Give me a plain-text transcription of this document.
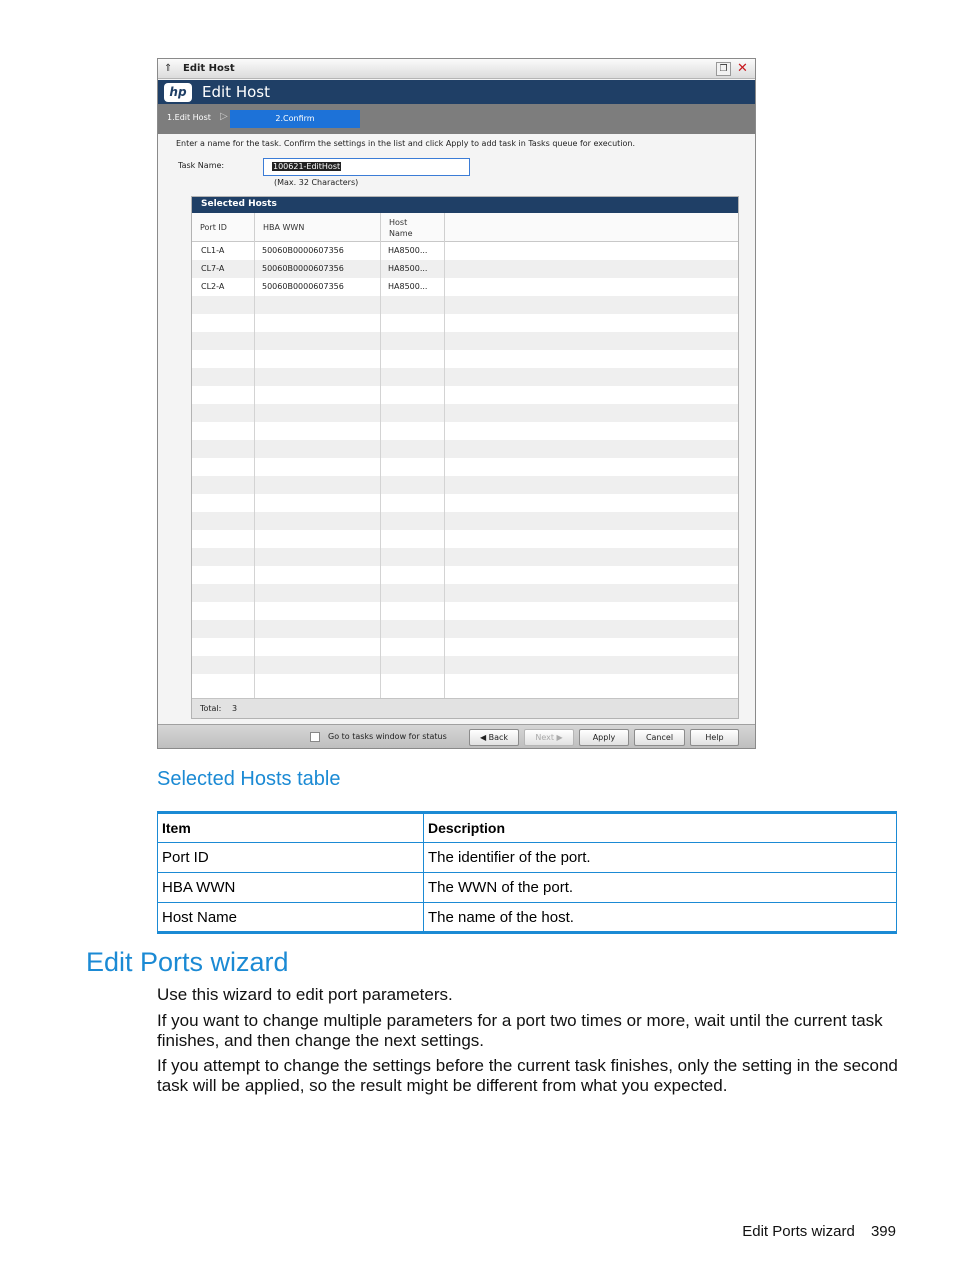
⇑ Edit Host	❐ ✕
hp	Edit Host
1.Edit Host ▷	2.Confirm
Enter a name for the task. Confirm the settings in the list and click Apply to add task in Tasks queue for execution.
Task Name:	100621-EditHost
(Max. 32 Characters)
Selected Hosts
Port ID	HBA WWN
Host
Name
CL1-A	50060B0000607356	HA8500...
CL7-A	50060B0000607356	HA8500...
CL2-A	50060B0000607356	HA8500...
Total: 3
Go to tasks window for status	◀ Back	Next ▶	Apply	Cancel	Help
Selected Hosts table
Item	Description
Port ID	The identifier of the port.
HBA WWN	The WWN of the port.
Host Name	The name of the host.
Edit Ports wizard

Use this wizard to edit port parameters.

If you want to change multiple parameters for a port two times or more, wait until the current task finishes, and then change the next settings.

If you attempt to change the settings before the current task finishes, only the setting in the second task will be applied, so the result might be different from what you expected.

Edit Ports wizard 399
